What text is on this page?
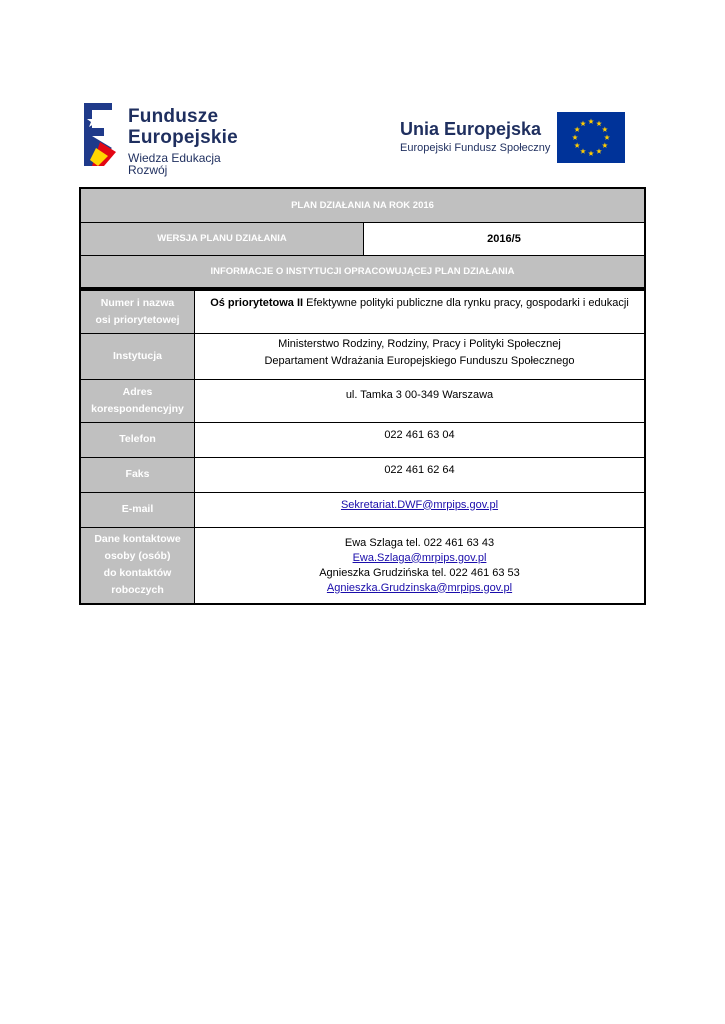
Fundusze
Europejskie
Wiedza Edukacja Rozwój
Unia Europejska
Europejski Fundusz Społeczny
PLAN DZIAŁANIA NA ROK 2016
WERSJA PLANU DZIAŁANIA	2016/5
INFORMACJE O INSTYTUCJI OPRACOWUJĄCEJ PLAN DZIAŁANIA
Numer i nazwa
osi priorytetowej	Oś priorytetowa II Efektywne polityki publiczne dla rynku pracy, gospodarki i edukacji
Instytucja	Ministerstwo Rodziny, Rodziny, Pracy i Polityki Społecznej
Departament Wdrażania Europejskiego Funduszu Społecznego
Adres
korespondencyjny	ul. Tamka 3 00-349 Warszawa
Telefon	022 461 63 04
Faks	022 461 62 64
E-mail	Sekretariat.DWF@mrpips.gov.pl
Dane kontaktowe
osoby (osób)
do kontaktów
roboczych	Ewa Szlaga tel. 022 461 63 43
Ewa.Szlaga@mrpips.gov.pl
Agnieszka Grudzińska tel. 022 461 63 53
Agnieszka.Grudzinska@mrpips.gov.pl
